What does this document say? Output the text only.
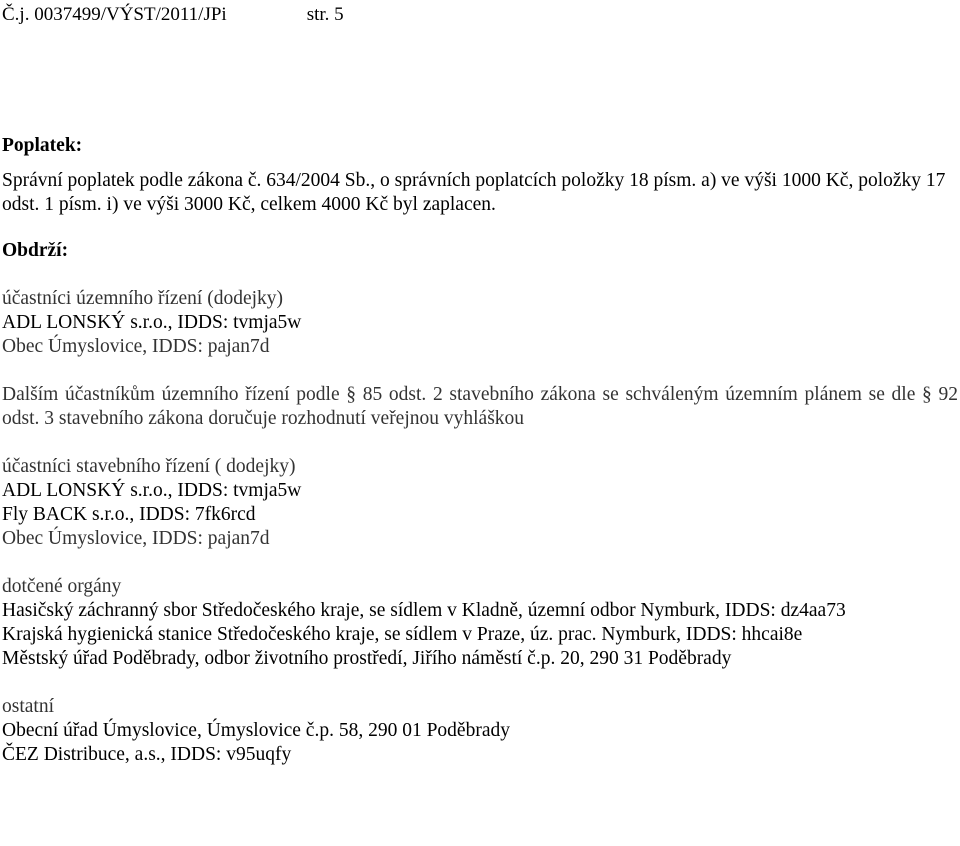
Č.j. 0037499/VÝST/2011/JPi	str. 5

Poplatek:

Správní poplatek podle zákona č. 634/2004 Sb., o správních poplatcích položky 18 písm. a) ve výši 1000 Kč, položky 17 odst. 1 písm. i) ve výši 3000 Kč, celkem 4000 Kč byl zaplacen.

Obdrží:

účastníci územního řízení (dodejky)

ADL LONSKÝ s.r.o., IDDS: tvmja5w

Obec Úmyslovice, IDDS: pajan7d

Dalším účastníkům územního řízení podle § 85 odst. 2 stavebního zákona se schváleným územním plánem se dle § 92 odst. 3 stavebního zákona doručuje rozhodnutí veřejnou vyhláškou

účastníci stavebního řízení ( dodejky)

ADL LONSKÝ s.r.o., IDDS: tvmja5w

Fly BACK s.r.o., IDDS: 7fk6rcd

Obec Úmyslovice, IDDS: pajan7d

dotčené orgány

Hasičský záchranný sbor Středočeského kraje, se sídlem v Kladně, územní odbor Nymburk, IDDS: dz4aa73

Krajská hygienická stanice Středočeského kraje, se sídlem v Praze, úz. prac. Nymburk, IDDS: hhcai8e

Městský úřad Poděbrady, odbor životního prostředí, Jiřího náměstí č.p. 20, 290 31 Poděbrady

ostatní

Obecní úřad Úmyslovice, Úmyslovice č.p. 58, 290 01 Poděbrady

ČEZ Distribuce, a.s., IDDS: v95uqfy
